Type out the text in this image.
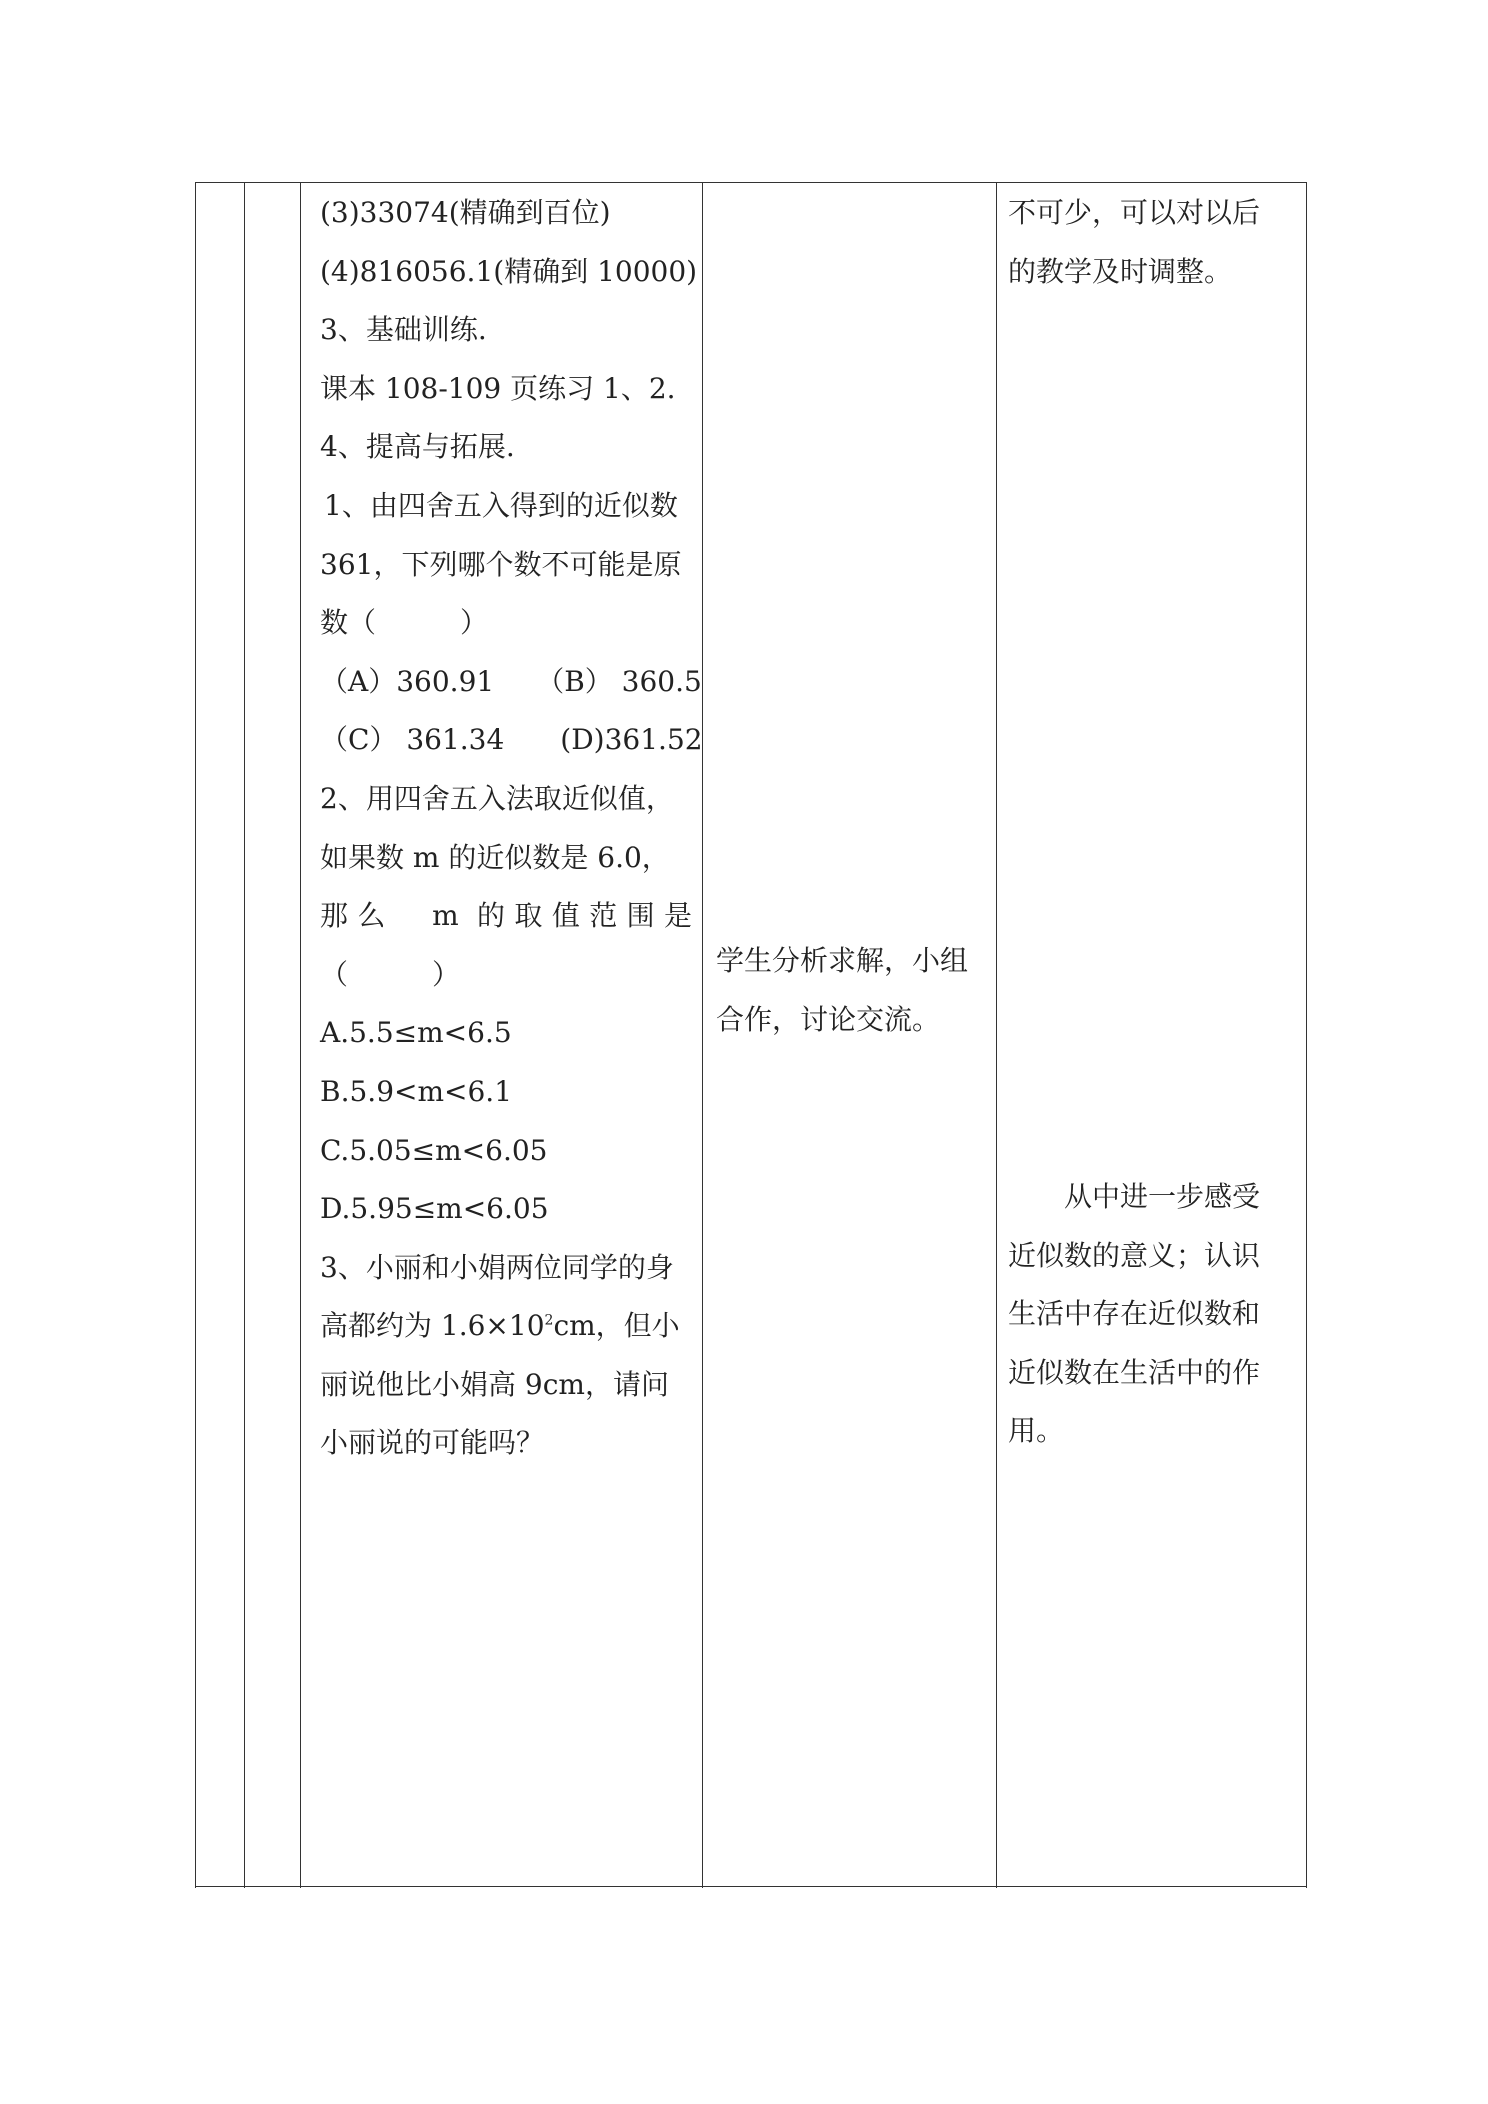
(3)33074(精确到百位)
(4)816056.1(精确到 10000)
3、基础训练.
课本 108-109 页练习 1、2.
4、提高与拓展.
1、由四舍五入得到的近似数
361，下列哪个数不可能是原
数（　　　）
（A）360.91　　（B） 360.5
（C） 361.34　　(D)361.52
2、用四舍五入法取近似值，
如果数 m 的近似数是 6.0，
那么　m 的取值范围是
（　　　）
A.5.5≤m<6.5
B.5.9<m<6.1
C.5.05≤m<6.05
D.5.95≤m<6.05
3、小丽和小娟两位同学的身
高都约为 $1.6\times 10^2cm$，但小
丽说他比小娟高 9cm，请问
小丽说的可能吗？
学生分析求解，小组
合作，讨论交流。
不可少，可以对以后
的教学及时调整。
　　从中进一步感受
近似数的意义；认识
生活中存在近似数和
近似数在生活中的作
用。
